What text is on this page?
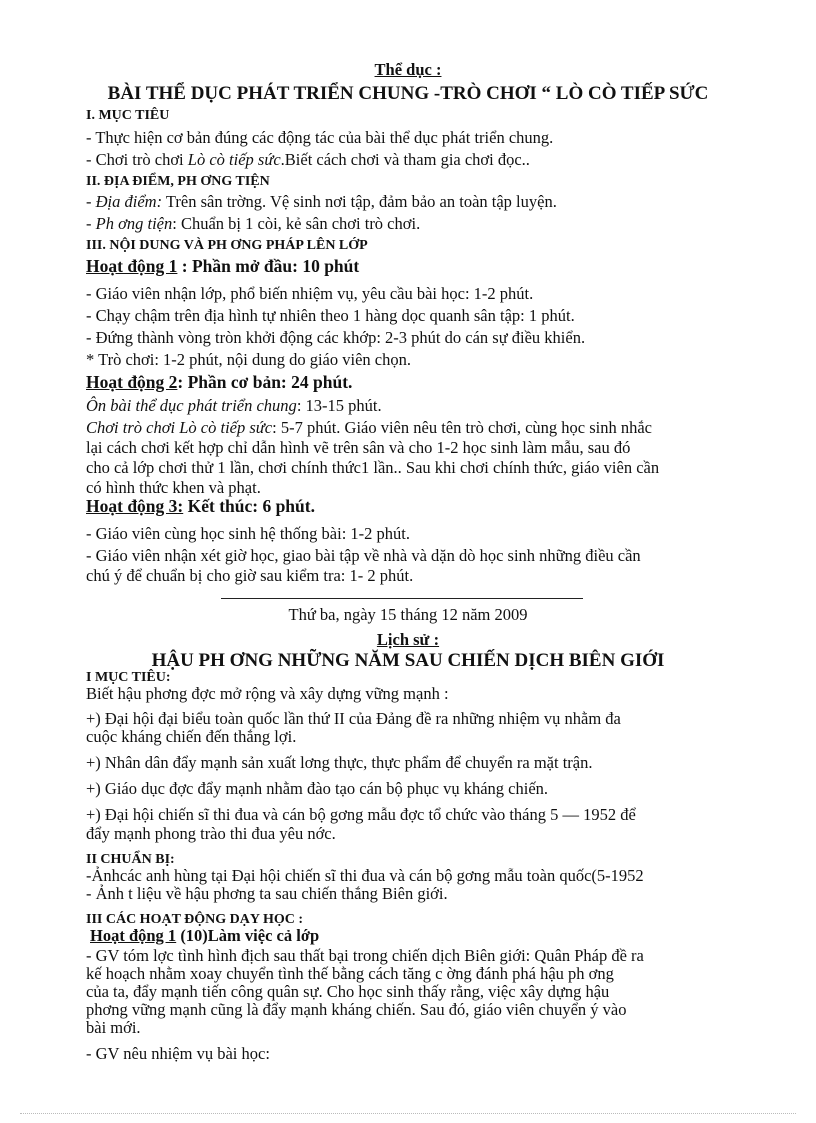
Thể dục :
BÀI THỂ DỤC PHÁT TRIỂN CHUNG -TRÒ CHƠI “ LÒ CÒ TIẾP SỨC
I. MỤC TIÊU
- Thực hiện cơ bản đúng các động tác của bài thể dục phát triển chung.
- Chơi trò chơi Lò cò tiếp sức.Biết cách chơi và tham gia chơi đọc..
II. ĐỊA ĐIỂM, PH ƠNG TIỆN
- Địa điểm: Trên sân trờng. Vệ sinh nơi tập, đảm bảo an toàn tập luyện.
- Ph ơng tiện: Chuẩn bị 1 còi, kẻ sân chơi trò chơi.
III. NỘI DUNG VÀ PH ƠNG PHÁP LÊN LỚP
Hoạt động 1 : Phần mở đầu: 10 phút
- Giáo viên nhận lớp, phổ biến nhiệm vụ, yêu cầu bài học: 1-2 phút.
- Chạy chậm trên địa hình tự nhiên theo 1 hàng dọc quanh sân tập: 1 phút.
- Đứng thành vòng tròn khởi động các khớp: 2-3 phút do cán sự điều khiển.
* Trò chơi: 1-2 phút, nội dung do giáo viên chọn.
Hoạt động 2: Phần cơ bản: 24 phút.
Ôn bài thể dục phát triển chung: 13-15 phút.
Chơi trò chơi Lò cò tiếp sức: 5-7 phút. Giáo viên nêu tên trò chơi, cùng học sinh nhắc
lại cách chơi kết hợp chỉ dẫn hình vẽ trên sân và cho 1-2 học sinh làm mẫu, sau đó
cho cả lớp chơi thử 1 lần, chơi chính thức1 lần.. Sau khi chơi chính thức, giáo viên cần
có hình thức khen và phạt.
Hoạt động 3: Kết thúc: 6 phút.
- Giáo viên cùng học sinh hệ thống bài: 1-2 phút.
- Giáo viên nhận xét giờ học, giao bài tập về nhà và dặn dò học sinh những điều cần
chú ý để chuẩn bị cho giờ sau kiểm tra: 1- 2 phút.
Thứ ba, ngày 15 tháng 12 năm 2009
Lịch sử :
HẬU PH ƠNG NHỮNG NĂM SAU CHIẾN DỊCH BIÊN GIỚI
I MỤC TIÊU:
Biết hậu phơng đợc mở rộng và xây dựng vững mạnh :
+) Đại hội đại biểu toàn quốc lần thứ II của Đảng đề ra những nhiệm vụ nhằm đa
cuộc kháng chiến đến thắng lợi.
+) Nhân dân đẩy mạnh sản xuất lơng thực, thực phẩm để chuyển ra mặt trận.
+) Giáo dục đợc đẩy mạnh nhằm đào tạo cán bộ phục vụ kháng chiến.
+) Đại hội chiến sĩ thi đua và cán bộ gơng mẫu đợc tổ chức vào tháng 5 — 1952 để
đẩy mạnh phong trào thi đua yêu nớc.
II CHUẨN BỊ:
-Ảnhcác anh hùng tại Đại hội chiến sĩ thi đua và cán bộ gơng mẫu toàn quốc(5-1952
- Ảnh t liệu về hậu phơng ta sau chiến thắng Biên giới.
III CÁC HOẠT ĐỘNG DẠY HỌC :
Hoạt động 1 (10)Làm việc cả lớp
- GV tóm lợc tình hình địch sau thất bại trong chiến dịch Biên giới: Quân Pháp đề ra
kế hoạch nhằm xoay chuyển tình thế bằng cách tăng c ờng đánh phá hậu ph ơng
của ta, đẩy mạnh tiến công quân sự. Cho học sinh thấy rằng, việc xây dựng hậu
phơng vững mạnh cũng là đẩy mạnh kháng chiến. Sau đó, giáo viên chuyển ý vào
bài mới.
- GV nêu nhiệm vụ bài học:
